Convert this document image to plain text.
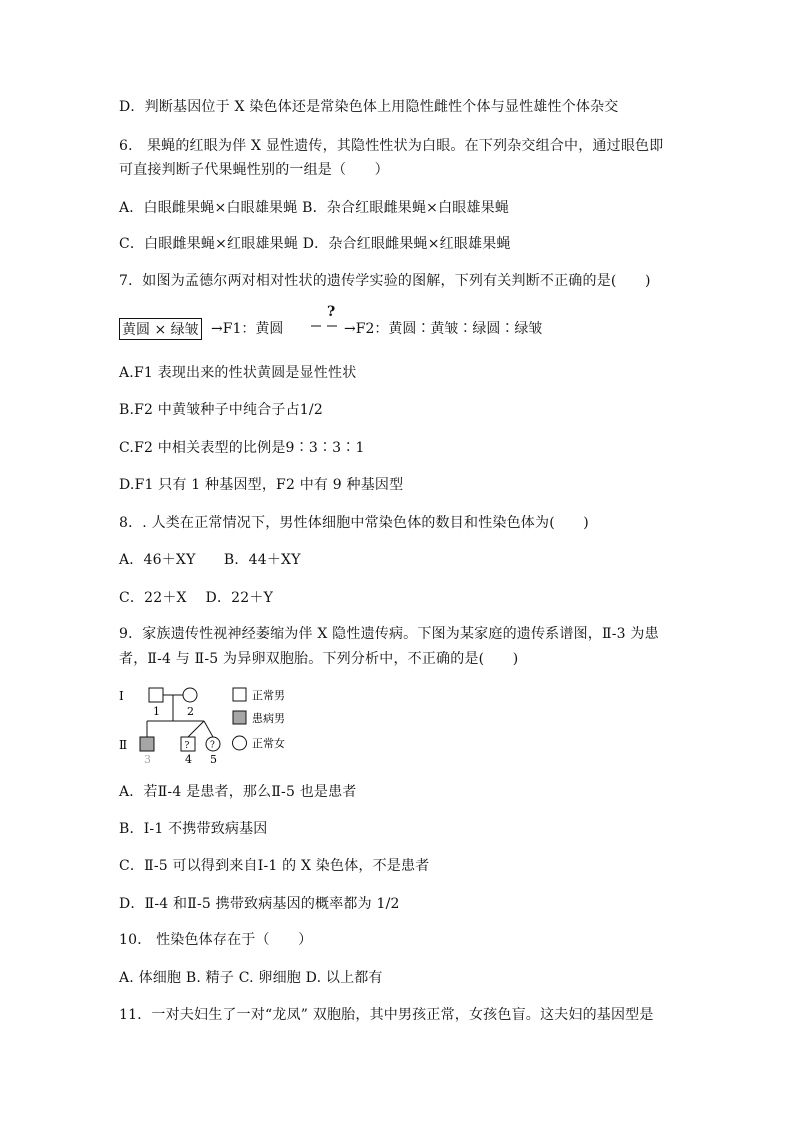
D．判断基因位于 X 染色体还是常染色体上用隐性雌性个体与显性雄性个体杂交
6． 果蝇的红眼为伴 X 显性遗传，其隐性性状为白眼。在下列杂交组合中，通过眼色即
可直接判断子代果蝇性别的一组是（　　）
A．白眼雌果蝇×白眼雄果蝇 B．杂合红眼雌果蝇×白眼雄果蝇
C．白眼雌果蝇×红眼雄果蝇 D．杂合红眼雌果蝇×红眼雄果蝇
7．如图为孟德尔两对相对性状的遗传学实验的图解，下列有关判断不正确的是(　　)
黄圆 × 绿皱 →F1：黄圆
?
→F2：黄圆∶黄皱∶绿圆∶绿皱
A.F1 表现出来的性状黄圆是显性性状
B.F2 中黄皱种子中纯合子占1/2
C.F2 中相关表型的比例是9∶3∶3∶1
D.F1 只有 1 种基因型，F2 中有 9 种基因型
8．. 人类在正常情况下，男性体细胞中常染色体的数目和性染色体为(　　)
A．46＋XY　　B．44＋XY
C．22＋X　 D．22＋Y
9．家族遗传性视神经萎缩为伴 X 隐性遗传病。下图为某家庭的遗传系谱图，Ⅱ-3 为患
者，Ⅱ-4 与 Ⅱ-5 为异卵双胞胎。下列分析中，不正确的是(　　)
Ⅰ
Ⅱ
1 2
? ?
3	4 5
正常男
患病男
正常女
A．若Ⅱ-4 是患者，那么Ⅱ-5 也是患者
B．Ⅰ-1 不携带致病基因
C．Ⅱ-5 可以得到来自Ⅰ-1 的 X 染色体，不是患者
D．Ⅱ-4 和Ⅱ-5 携带致病基因的概率都为 1/2
10． 性染色体存在于（　　）
A. 体细胞 B. 精子 C. 卵细胞 D. 以上都有
11．一对夫妇生了一对“龙凤” 双胞胎，其中男孩正常，女孩色盲。这夫妇的基因型是
